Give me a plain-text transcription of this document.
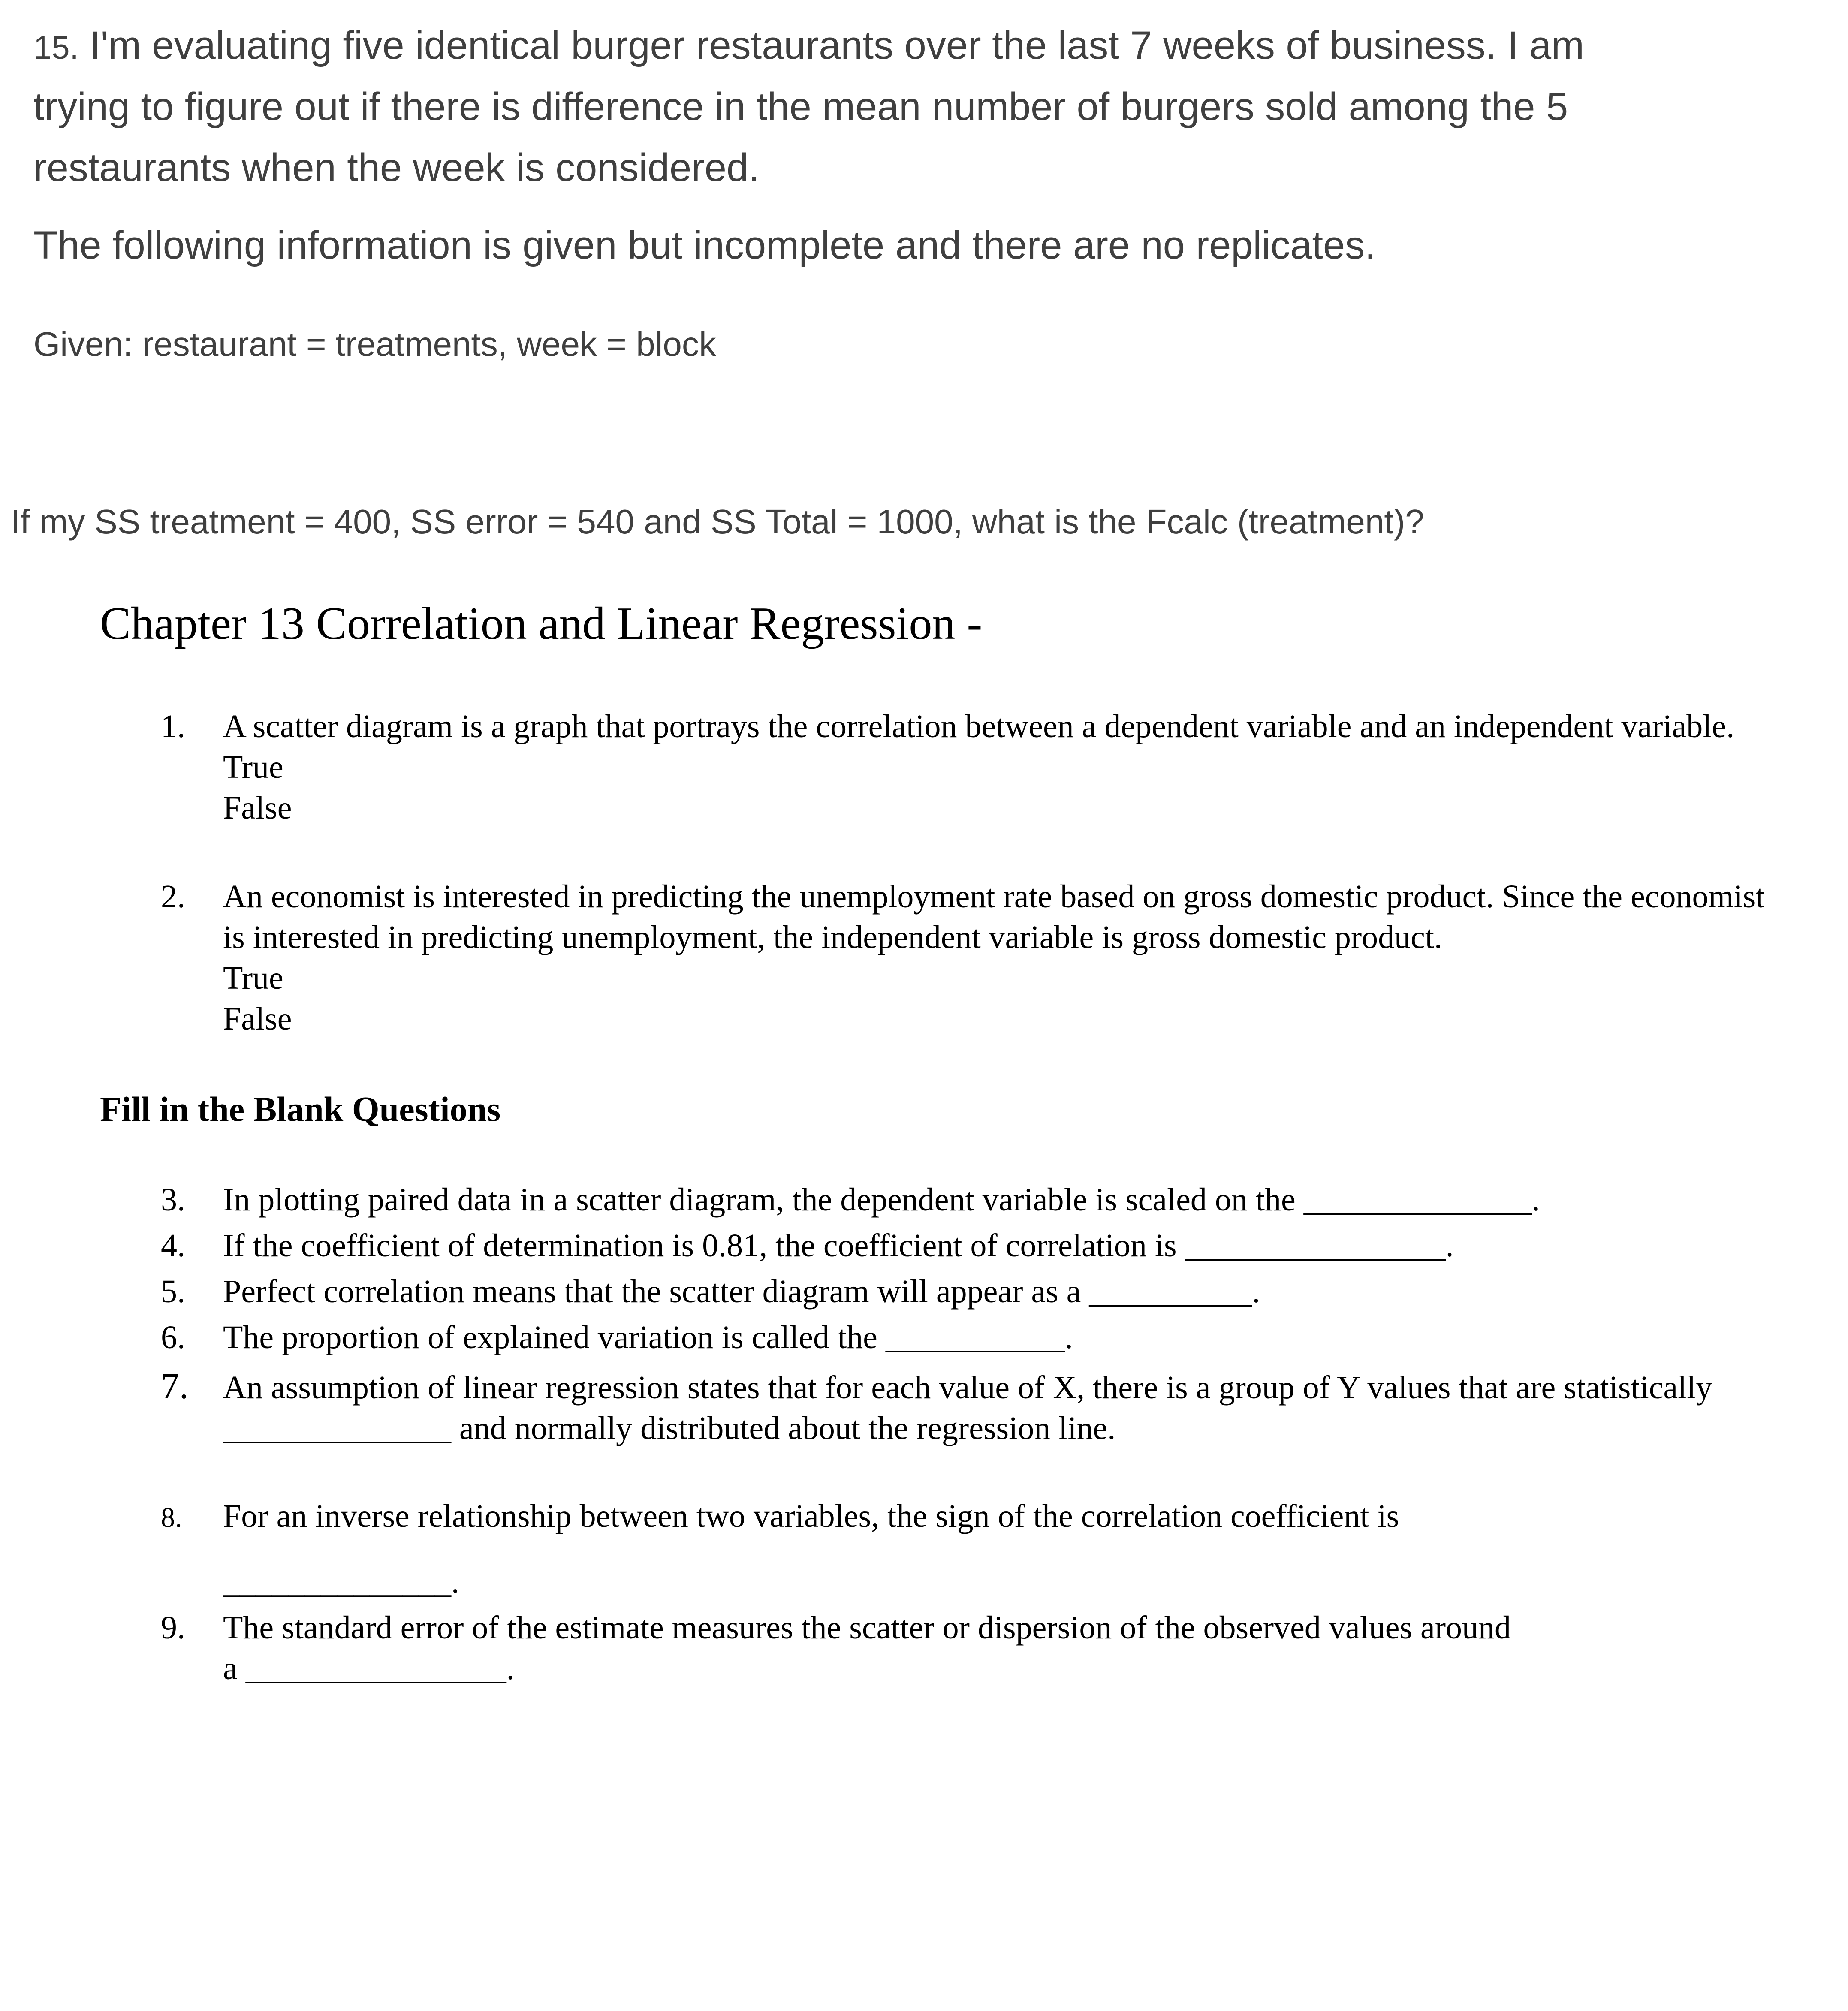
15. I'm evaluating five identical burger restaurants over the last 7 weeks of business. I am trying to figure out if there is difference in the mean number of burgers sold among the 5 restaurants when the week is considered.

The following information is given but incomplete and there are no replicates.

Given: restaurant = treatments, week = block

If my SS treatment = 400, SS error = 540 and SS Total = 1000, what is the Fcalc (treatment)?

Chapter 13 Correlation and Linear Regression -
1.	A scatter diagram is a graph that portrays the correlation between a dependent variable and an independent variable.

True

False

2.	An economist is interested in predicting the unemployment rate based on gross domestic product. Since the economist is interested in predicting unemployment, the independent variable is gross domestic product.

True

False

Fill in the Blank Questions
3.	In plotting paired data in a scatter diagram, the dependent variable is scaled on the ______________.

4.	If the coefficient of determination is 0.81, the coefficient of correlation is ________________.

5.	Perfect correlation means that the scatter diagram will appear as a __________.

6.	The proportion of explained variation is called the ___________.

7.	An assumption of linear regression states that for each value of X, there is a group of Y values that are statistically ______________ and normally distributed about the regression line.

8.	For an inverse relationship between two variables, the sign of the correlation coefficient is

______________.

9.	The standard error of the estimate measures the scatter or dispersion of the observed values around

a ________________.
